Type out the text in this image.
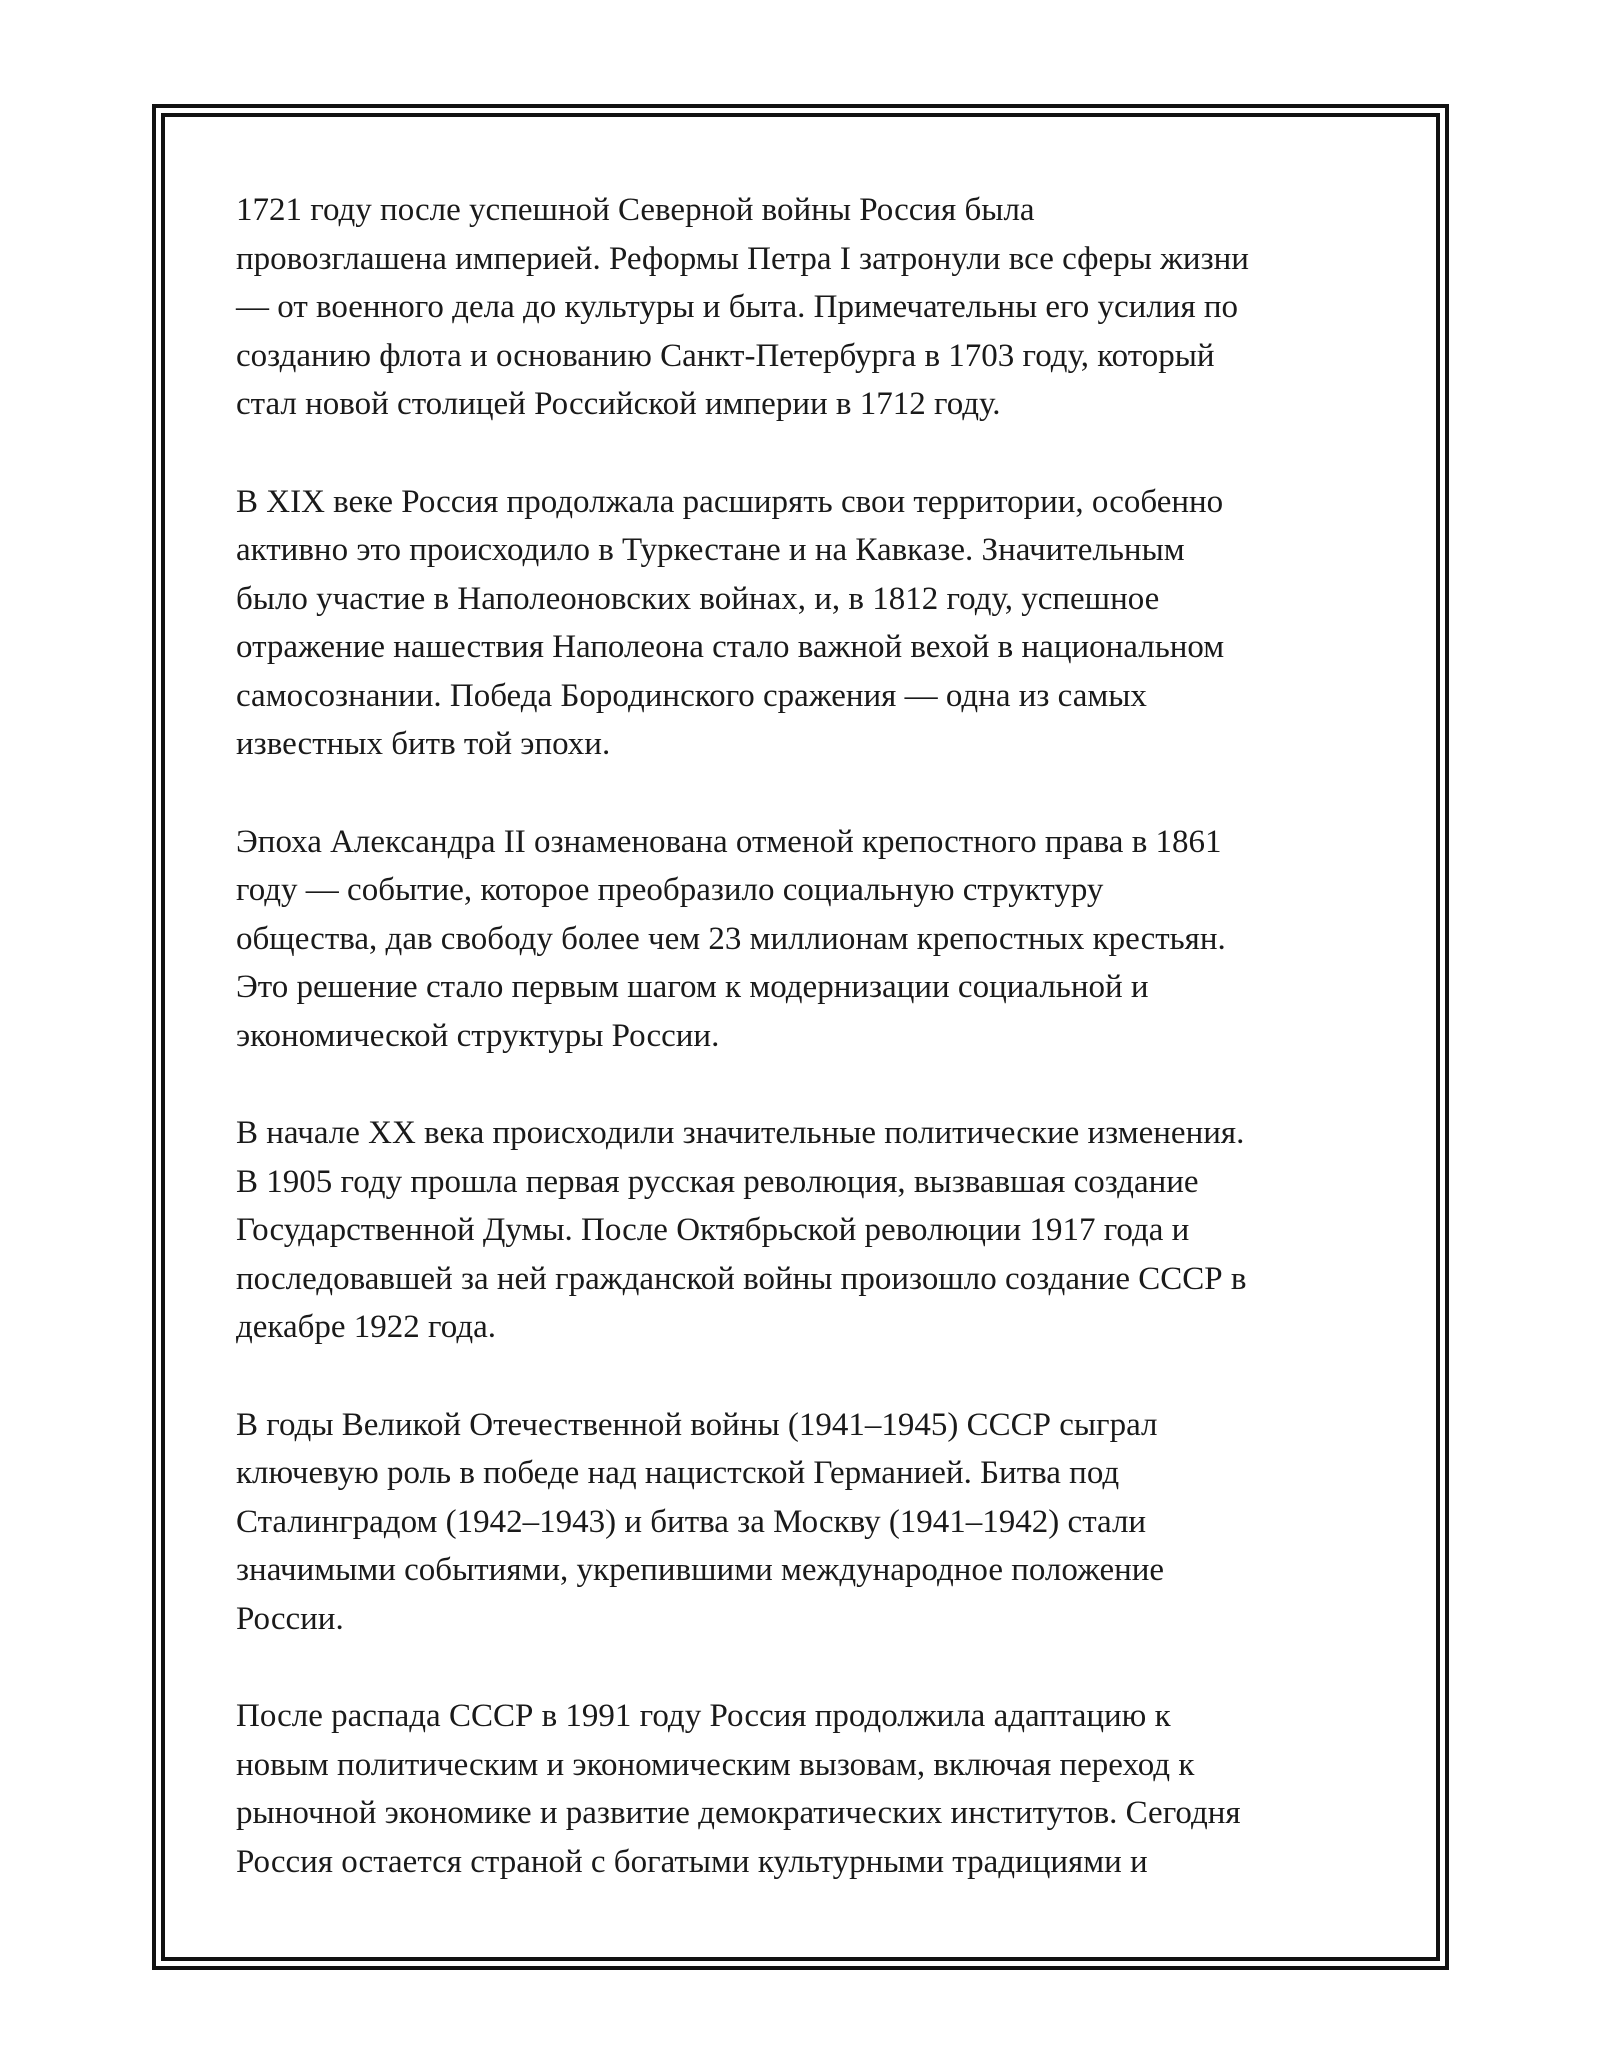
1721 году после успешной Северной войны Россия была
провозглашена империей. Реформы Петра I затронули все сферы жизни
— от военного дела до культуры и быта. Примечательны его усилия по
созданию флота и основанию Санкт-Петербурга в 1703 году, который
стал новой столицей Российской империи в 1712 году.

В XIX веке Россия продолжала расширять свои территории, особенно
активно это происходило в Туркестане и на Кавказе. Значительным
было участие в Наполеоновских войнах, и, в 1812 году, успешное
отражение нашествия Наполеона стало важной вехой в национальном
самосознании. Победа Бородинского сражения — одна из самых
известных битв той эпохи.

Эпоха Александра II ознаменована отменой крепостного права в 1861
году — событие, которое преобразило социальную структуру
общества, дав свободу более чем 23 миллионам крепостных крестьян.
Это решение стало первым шагом к модернизации социальной и
экономической структуры России.

В начале XX века происходили значительные политические изменения.
В 1905 году прошла первая русская революция, вызвавшая создание
Государственной Думы. После Октябрьской революции 1917 года и
последовавшей за ней гражданской войны произошло создание СССР в
декабре 1922 года.

В годы Великой Отечественной войны (1941–1945) СССР сыграл
ключевую роль в победе над нацистской Германией. Битва под
Сталинградом (1942–1943) и битва за Москву (1941–1942) стали
значимыми событиями, укрепившими международное положение
России.

После распада СССР в 1991 году Россия продолжила адаптацию к
новым политическим и экономическим вызовам, включая переход к
рыночной экономике и развитие демократических институтов. Сегодня
Россия остается страной с богатыми культурными традициями и
